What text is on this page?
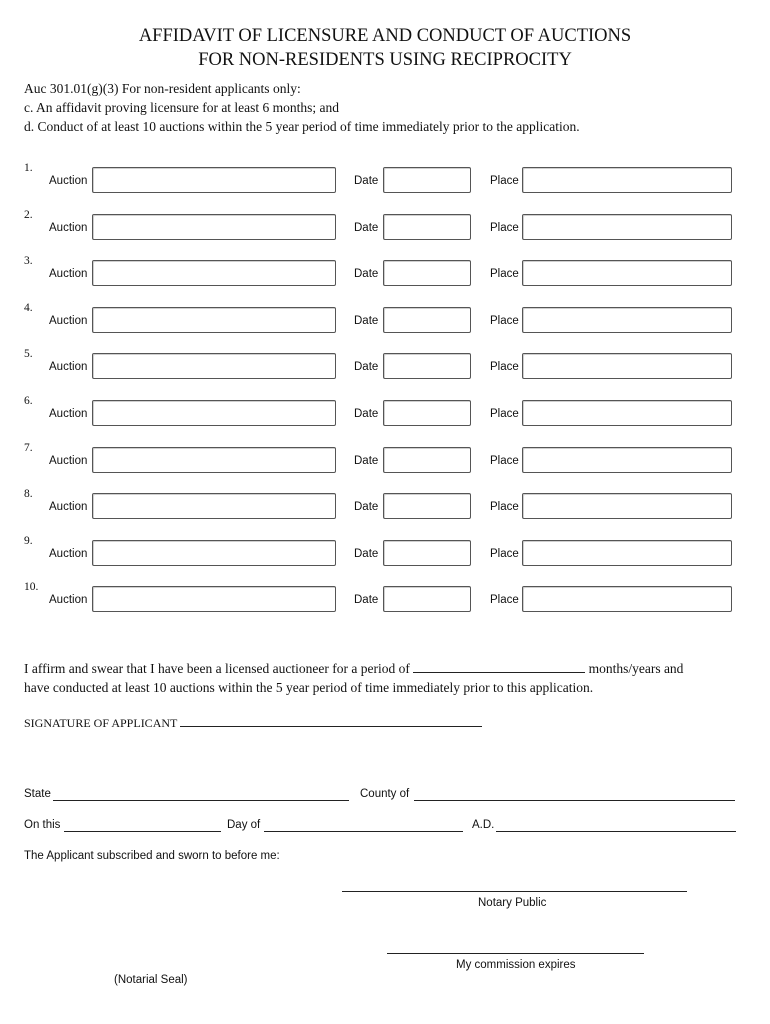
AFFIDAVIT OF LICENSURE AND CONDUCT OF AUCTIONS
FOR NON-RESIDENTS USING RECIPROCITY
Auc 301.01(g)(3) For non-resident applicants only:
c. An affidavit proving licensure for at least 6 months; and
d. Conduct of at least 10 auctions within the 5 year period of time immediately prior to the application.
1.
Auction	Date	Place
2.
Auction	Date	Place
3.
Auction	Date	Place
4.
Auction	Date	Place
5.
Auction	Date	Place
6.
Auction	Date	Place
7.
Auction	Date	Place
8.
Auction	Date	Place
9.
Auction	Date	Place
10.
Auction	Date	Place
I affirm and swear that I have been a licensed auctioneer for a period of	months/years and
have conducted at least 10 auctions within the 5 year period of time immediately prior to this application.
SIGNATURE OF APPLICANT
State	County of
On this	Day of	A.D.
The Applicant subscribed and sworn to before me:
Notary Public
My commission expires
(Notarial Seal)
